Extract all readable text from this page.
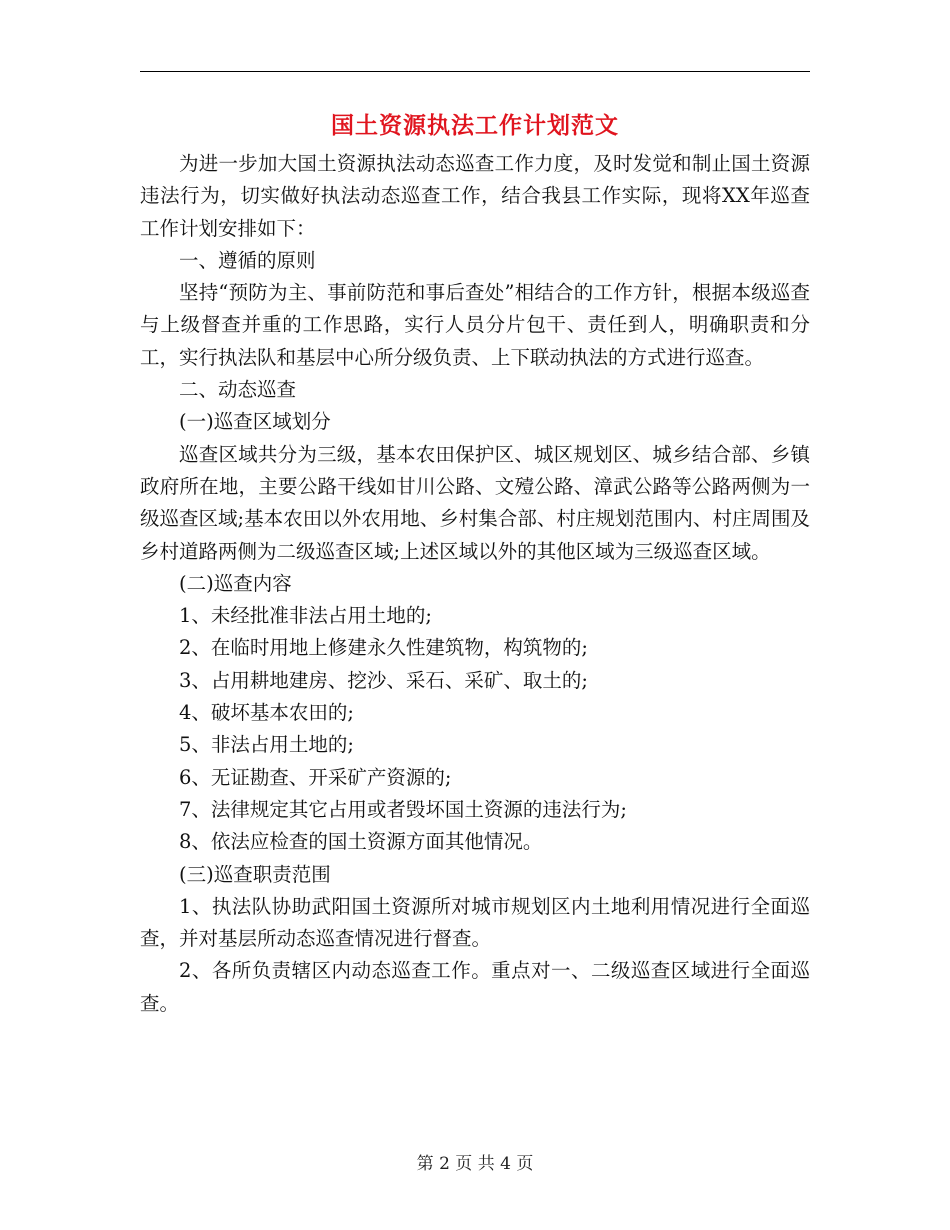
国土资源执法工作计划范文

为进一步加大国土资源执法动态巡查工作力度，及时发觉和制止国土资源违法行为，切实做好执法动态巡查工作，结合我县工作实际，现将XX年巡查工作计划安排如下：

一、遵循的原则

坚持“预防为主、事前防范和事后查处”相结合的工作方针，根据本级巡查与上级督查并重的工作思路，实行人员分片包干、责任到人，明确职责和分工，实行执法队和基层中心所分级负责、上下联动执法的方式进行巡查。

二、动态巡查

(一)巡查区域划分

巡查区域共分为三级，基本农田保护区、城区规划区、城乡结合部、乡镇政府所在地，主要公路干线如甘川公路、文殪公路、漳武公路等公路两侧为一级巡查区域;基本农田以外农用地、乡村集合部、村庄规划范围内、村庄周围及乡村道路两侧为二级巡查区域;上述区域以外的其他区域为三级巡查区域。

(二)巡查内容

1、未经批准非法占用土地的;

2、在临时用地上修建永久性建筑物，构筑物的;

3、占用耕地建房、挖沙、采石、采矿、取土的;

4、破坏基本农田的;

5、非法占用土地的;

6、无证勘查、开采矿产资源的;

7、法律规定其它占用或者毁坏国土资源的违法行为;

8、依法应检查的国土资源方面其他情况。

(三)巡查职责范围

1、执法队协助武阳国土资源所对城市规划区内土地利用情况进行全面巡查，并对基层所动态巡查情况进行督查。

2、各所负责辖区内动态巡查工作。重点对一、二级巡查区域进行全面巡查。

第 2 页 共 4 页
